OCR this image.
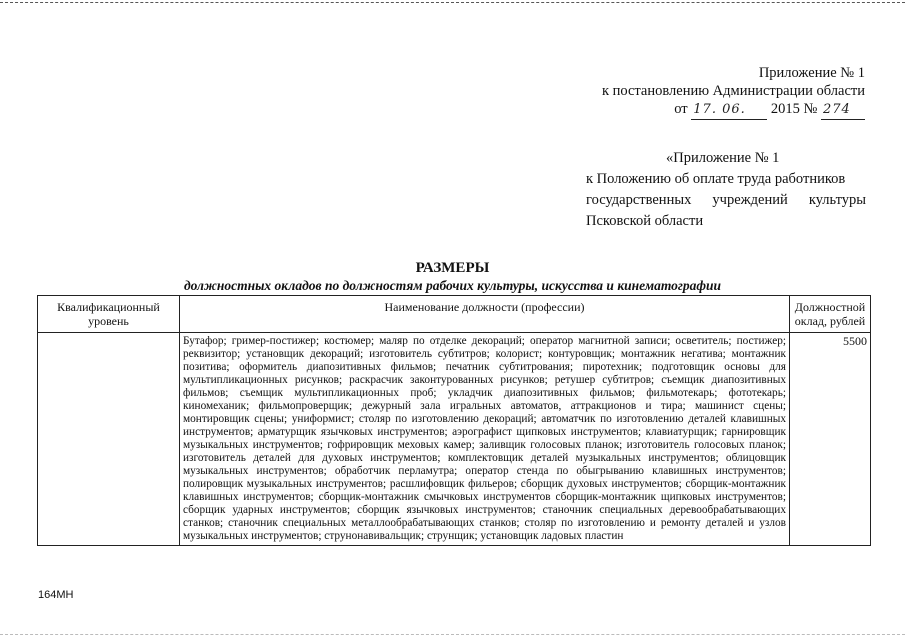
Приложение № 1
к постановлению Администрации области
от 17. 06. 2015 № 274
«Приложение № 1
к Положению об оплате труда работников
государственных учреждений культуры
Псковской области
РАЗМЕРЫ
должностных окладов по должностям рабочих культуры, искусства и кинематографии
Квалификационный уровень	Наименование должности (профессии)	Должностной оклад, рублей
	Бутафор; гример-постижер; костюмер; маляр по отделке декораций; оператор магнитной записи; осветитель; постижер; реквизитор; установщик декораций; изготовитель субтитров; колорист; контуровщик; монтажник негатива; монтажник позитива; оформитель диапозитивных фильмов; печатник субтитрования; пиротехник; подготовщик основы для мультипликационных рисунков; раскрасчик законтурованных рисунков; ретушер субтитров; съемщик диапозитивных фильмов; съемщик мультипликационных проб; укладчик диапозитивных фильмов; фильмотекарь; фототекарь; киномеханик; фильмопроверщик; дежурный зала игральных автоматов, аттракционов и тира; машинист сцены; монтировщик сцены; униформист; столяр по изготовлению декораций; автоматчик по изготовлению деталей клавишных инструментов; арматурщик язычковых инструментов; аэрографист щипковых инструментов; клавиатурщик; гарнировщик музыкальных инструментов; гофрировщик меховых камер; заливщик голосовых планок; изготовитель голосовых планок; изготовитель деталей для духовых инструментов; комплектовщик деталей музыкальных инструментов; облицовщик музыкальных инструментов; обработчик перламутра; оператор стенда по обыгрыванию клавишных инструментов; полировщик музыкальных инструментов; расшлифовщик фильеров; сборщик духовых инструментов; сборщик-монтажник клавишных инструментов; сборщик-монтажник смычковых инструментов сборщик-монтажник щипковых инструментов; сборщик ударных инструментов; сборщик язычковых инструментов; станочник специальных деревообрабатывающих станков; станочник специальных металлообрабатывающих станков; столяр по изготовлению и ремонту деталей и узлов музыкальных инструментов; струнонавивальщик; струнщик; установщик ладовых пластин	5500
164МН
